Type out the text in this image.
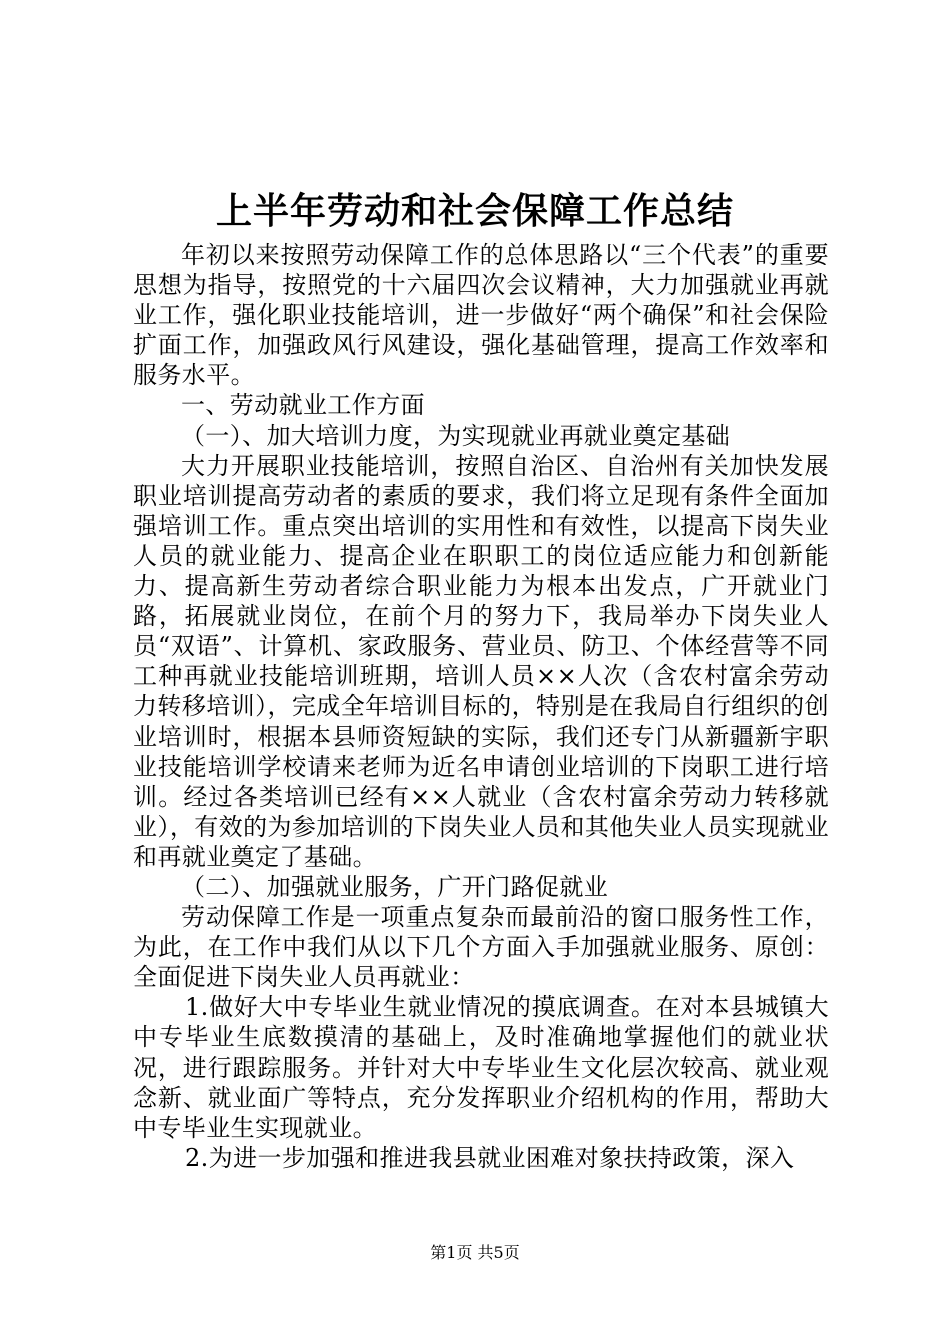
上半年劳动和社会保障工作总结

年初以来按照劳动保障工作的总体思路以“三个代表”的重要思想为指导，按照党的十六届四次会议精神，大力加强就业再就业工作，强化职业技能培训，进一步做好“两个确保”和社会保险扩面工作，加强政风行风建设，强化基础管理，提高工作效率和服务水平。

一、劳动就业工作方面

（一）、加大培训力度，为实现就业再就业奠定基础

大力开展职业技能培训，按照自治区、自治州有关加快发展职业培训提高劳动者的素质的要求，我们将立足现有条件全面加强培训工作。重点突出培训的实用性和有效性，以提高下岗失业人员的就业能力、提高企业在职职工的岗位适应能力和创新能力、提高新生劳动者综合职业能力为根本出发点，广开就业门路，拓展就业岗位，在前个月的努力下，我局举办下岗失业人员“双语”、计算机、家政服务、营业员、防卫、个体经营等不同工种再就业技能培训班期，培训人员××人次（含农村富余劳动力转移培训），完成全年培训目标的，特别是在我局自行组织的创业培训时，根据本县师资短缺的实际，我们还专门从新疆新宇职业技能培训学校请来老师为近名申请创业培训的下岗职工进行培训。经过各类培训已经有××人就业（含农村富余劳动力转移就业），有效的为参加培训的下岗失业人员和其他失业人员实现就业和再就业奠定了基础。

（二）、加强就业服务，广开门路促就业

劳动保障工作是一项重点复杂而最前沿的窗口服务性工作，为此，在工作中我们从以下几个方面入手加强就业服务、原创：全面促进下岗失业人员再就业：

1.做好大中专毕业生就业情况的摸底调查。在对本县城镇大中专毕业生底数摸清的基础上，及时准确地掌握他们的就业状况，进行跟踪服务。并针对大中专毕业生文化层次较高、就业观念新、就业面广等特点，充分发挥职业介绍机构的作用，帮助大中专毕业生实现就业。

2.为进一步加强和推进我县就业困难对象扶持政策，深入

第1页 共5页
